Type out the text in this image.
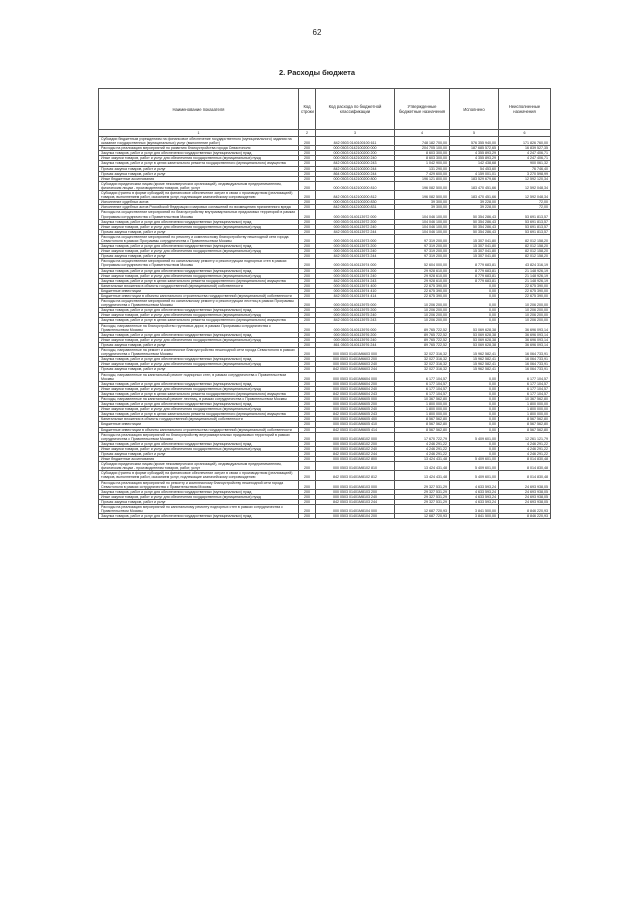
62
2. Расходы бюджета
Наименование показателя	Код строки	Код расхода по бюджетной классификации	Утвержденные бюджетные назначения	Исполнено	Неисполненные назначения
1	2	3	4	5	6
Субсидии бюджетным учреждениям на финансовое обеспечение государственного (муниципального) задания на оказание государственных (муниципальных) услуг (выполнение работ)	200	842 0503 0140100100 611	748 182 700,00	576 355 940,00	171 826 760,00
Расходы на реализацию мероприятий по развитию благоустройства города Севастополя	200	000 0503 0142100200 000	204 705 100,00	187 685 572,65	16 839 527,35
Закупка товаров, работ и услуг для обеспечения государственных (муниципальных) нужд	200	000 0503 0142100200 200	8 603 300,00	4 355 893,29	4 247 406,71
Иные закупки товаров, работ и услуг для обеспечения государственных (муниципальных) нужд	200	000 0503 0142100200 240	8 603 300,00	4 355 893,29	4 247 406,71
Закупка товаров, работ и услуг в целях капитального ремонта государственного (муниципального) имущества	200	842 0503 0142100200 243	1 042 900,00	142 438,68	900 061,32
Прочая закупка товаров, работ и услуг	200	842 0503 0142100200 244	131 290,00	54 453,60	76 746,40
Прочая закупка товаров, работ и услуг	200	864 0503 0142100200 244	7 429 600,00	4 159 001,01	3 270 598,99
Иные бюджетные ассигнования	200	000 0503 0142100200 800	196 121 800,00	183 529 679,66	12 592 120,34
Субсидии юридическим лицам (кроме некоммерческих организаций), индивидуальным предпринимателям, физическим лицам - производителям товаров, работ, услуг	200	000 0503 0142100200 810	196 082 500,00	183 470 451,66	12 592 048,34
Субсидии (гранты в форме субсидий) на финансовое обеспечение затрат в связи с производством (реализацией) товаров, выполнением работ, оказанием услуг, подлежащие казначейскому сопровождению	200	842 0503 0142100200 812	196 082 500,00	183 470 451,66	12 592 048,34
Исполнение судебных актов	200	000 0503 0142100200 830	39 300,00	39 228,00	72,00
Исполнение судебных актов Российской Федерации и мировых соглашений по возмещению причиненного вреда	200	842 0503 0142100200 831	39 300,00	39 228,00	72,00
Расходы на осуществление мероприятий по благоустройству внутриквартальных придомовых территорий в рамках Программы сотрудничества с Правительством Москвы	200	000 0503 0140113972 000	104 046 100,00	50 354 286,43	53 691 813,57
Закупка товаров, работ и услуг для обеспечения государственных (муниципальных) нужд	200	000 0503 0140113972 200	104 046 100,00	50 354 286,43	53 691 813,57
Иные закупки товаров, работ и услуг для обеспечения государственных (муниципальных) нужд	200	000 0503 0140113972 240	104 046 100,00	50 354 286,43	53 691 813,57
Прочая закупка товаров, работ и услуг	200	842 0503 0140113972 244	104 046 100,00	50 354 286,43	53 691 813,57
Расходы на осуществление мероприятий по ремонту и комплексному благоустройству пешеходной сети города Севастополя в рамках Программы сотрудничества с Правительством Москвы	200	000 0503 0140113973 000	97 319 200,00	15 307 041,80	82 012 158,20
Закупка товаров, работ и услуг для обеспечения государственных (муниципальных) нужд	200	000 0503 0140113973 200	97 319 200,00	15 307 041,80	82 012 158,20
Иные закупки товаров, работ и услуг для обеспечения государственных (муниципальных) нужд	200	000 0503 0140113973 240	97 319 200,00	15 307 041,80	82 012 158,20
Прочая закупка товаров, работ и услуг	200	842 0503 0140113973 244	97 319 200,00	15 307 041,80	82 012 158,20
Расходы на осуществление мероприятий по капитальному ремонту и реконструкции подпорных стен в рамках Программы сотрудничества с Правительством Москвы	200	000 0503 0140113974 000	52 604 000,00	8 779 683,81	43 824 316,19
Закупка товаров, работ и услуг для обеспечения государственных (муниципальных) нужд	200	000 0503 0140113974 200	29 928 610,00	8 779 683,81	21 148 926,19
Иные закупки товаров, работ и услуг для обеспечения государственных (муниципальных) нужд	200	000 0503 0140113974 240	29 928 610,00	8 779 683,81	21 148 926,19
Закупка товаров, работ и услуг в целях капитального ремонта государственного (муниципального) имущества	200	842 0503 0140113974 243	29 928 610,00	8 779 683,81	21 148 926,19
Капитальные вложения в объекты государственной (муниципальной) собственности	200	000 0503 0140113974 400	22 675 390,00	0,00	22 675 390,00
Бюджетные инвестиции	200	000 0503 0140113974 410	22 675 390,00	0,00	22 675 390,00
Бюджетные инвестиции в объекты капитального строительства государственной (муниципальной) собственности	200	842 0503 0140113974 414	22 675 390,00	0,00	22 675 390,00
Расходы на осуществление мероприятий по капитальному ремонту и реконструкции лестниц в рамках Программы сотрудничества с Правительством Москвы	200	000 0503 0140113975 000	10 206 200,00	0,00	10 206 200,00
Закупка товаров, работ и услуг для обеспечения государственных (муниципальных) нужд	200	000 0503 0140113975 200	10 206 200,00	0,00	10 206 200,00
Иные закупки товаров, работ и услуг для обеспечения государственных (муниципальных) нужд	200	000 0503 0140113975 240	10 206 200,00	0,00	10 206 200,00
Закупка товаров, работ и услуг в целях капитального ремонта государственного (муниципального) имущества	200	842 0503 0140113975 243	10 206 200,00	0,00	10 206 200,00
Расходы, направленные на благоустройство грунтовых дорог, в рамках Программы сотрудничества с Правительством Москвы	200	000 0503 0140113976 000	89 765 722,52	53 069 628,38	36 696 093,14
Закупка товаров, работ и услуг для обеспечения государственных (муниципальных) нужд	200	000 0503 0140113976 200	89 765 722,52	53 069 628,38	36 696 093,14
Иные закупки товаров, работ и услуг для обеспечения государственных (муниципальных) нужд	200	000 0503 0140113976 240	89 765 722,52	53 069 628,38	36 696 093,14
Прочая закупка товаров, работ и услуг	200	861 0503 0140113976 244	89 765 722,52	53 069 628,38	36 696 093,14
Расходы, направленные на ремонт и комплексное благоустройство пешеходной сети города Севастополя в рамках сотрудничества с Правительством Москвы	200	000 0503 01401М6603 000	32 027 316,32	15 962 582,41	16 064 733,91
Закупка товаров, работ и услуг для обеспечения государственных (муниципальных) нужд	200	000 0503 01401М6603 200	32 027 316,32	15 962 582,41	16 064 733,91
Иные закупки товаров, работ и услуг для обеспечения государственных (муниципальных) нужд	200	000 0503 01401М6603 240	32 027 316,32	15 962 582,41	16 064 733,91
Прочая закупка товаров, работ и услуг	200	842 0503 01401М6603 244	32 027 316,32	15 962 582,41	16 064 733,91
Расходы, направленные на капитальный ремонт подпорных стен, в рамках сотрудничества с Правительством Москвы	200	000 0503 01401М6604 000	6 177 104,57	0,00	6 177 104,57
Закупка товаров, работ и услуг для обеспечения государственных (муниципальных) нужд	200	000 0503 01401М6604 200	6 177 104,57	0,00	6 177 104,57
Иные закупки товаров, работ и услуг для обеспечения государственных (муниципальных) нужд	200	000 0503 01401М6604 240	6 177 104,57	0,00	6 177 104,57
Закупка товаров, работ и услуг в целях капитального ремонта государственного (муниципального) имущества	200	842 0503 01401М6604 243	6 177 104,57	0,00	6 177 104,57
Расходы, направленные на капитальный ремонт лестниц, в рамках сотрудничества с Правительством Москвы	200	000 0503 01401М6605 000	10 367 562,80	0,00	10 367 562,80
Закупка товаров, работ и услуг для обеспечения государственных (муниципальных) нужд	200	000 0503 01401М6605 200	1 800 000,00	0,00	1 800 000,00
Иные закупки товаров, работ и услуг для обеспечения государственных (муниципальных) нужд	200	000 0503 01401М6605 240	1 800 000,00	0,00	1 800 000,00
Закупка товаров, работ и услуг в целях капитального ремонта государственного (муниципального) имущества	200	842 0503 01401М6605 243	1 800 000,00	0,00	1 800 000,00
Капитальные вложения в объекты государственной (муниципальной) собственности	200	000 0503 01401М6605 400	8 567 562,80	0,00	8 567 562,80
Бюджетные инвестиции	200	000 0503 01401М6605 410	8 567 562,80	0,00	8 567 562,80
Бюджетные инвестиции в объекты капитального строительства государственной (муниципальной) собственности	200	842 0503 01401М6605 414	8 567 562,80	0,00	8 567 562,80
Расходы на реализацию мероприятий по благоустройству внутриквартальных придомовых территорий в рамках сотрудничества с Правительством Москвы	200	000 0503 01401М8102 000	17 670 722,79	5 409 601,00	12 261 121,79
Закупка товаров, работ и услуг для обеспечения государственных (муниципальных) нужд	200	000 0503 01401М8102 200	4 246 291,22	0,00	4 246 291,22
Иные закупки товаров, работ и услуг для обеспечения государственных (муниципальных) нужд	200	000 0503 01401М8102 240	4 246 291,22	0,00	4 246 291,22
Прочая закупка товаров, работ и услуг	200	842 0503 01401М8102 244	4 246 291,22	0,00	4 246 291,22
Иные бюджетные ассигнования	200	000 0503 01401М8102 800	13 424 431,48	5 409 601,00	8 014 830,48
Субсидии юридическим лицам (кроме некоммерческих организаций), индивидуальным предпринимателям, физическим лицам - производителям товаров, работ, услуг	200	000 0503 01401М8102 810	13 424 431,48	5 409 601,00	8 014 830,48
Субсидии (гранты в форме субсидий) на финансовое обеспечение затрат в связи с производством (реализацией) товаров, выполнением работ, оказанием услуг, подлежащие казначейскому сопровождению	200	842 0503 01401М8102 812	13 424 431,48	5 409 601,00	8 014 830,48
Расходы на реализацию мероприятий по ремонту и комплексному благоустройству пешеходной сети города Севастополя в рамках сотрудничества с Правительством Москвы	200	000 0503 01401М8103 000	29 327 531,29	4 633 593,24	24 693 938,05
Закупка товаров, работ и услуг для обеспечения государственных (муниципальных) нужд	200	000 0503 01401М8103 200	29 327 531,29	4 633 593,24	24 693 938,05
Иные закупки товаров, работ и услуг для обеспечения государственных (муниципальных) нужд	200	000 0503 01401М8103 240	29 327 531,29	4 633 593,24	24 693 938,05
Прочая закупка товаров, работ и услуг	200	842 0503 01401М8103 244	29 327 531,29	4 633 593,24	24 693 938,05
Расходы на реализацию мероприятий по капитальному ремонту подпорных стен в рамках сотрудничества с Правительством Москвы	200	000 0503 01401М8104 000	12 687 720,93	3 841 500,00	8 846 220,93
Закупка товаров, работ и услуг для обеспечения государственных (муниципальных) нужд	200	000 0503 01401М8104 200	12 687 720,93	3 841 500,00	8 846 220,93
